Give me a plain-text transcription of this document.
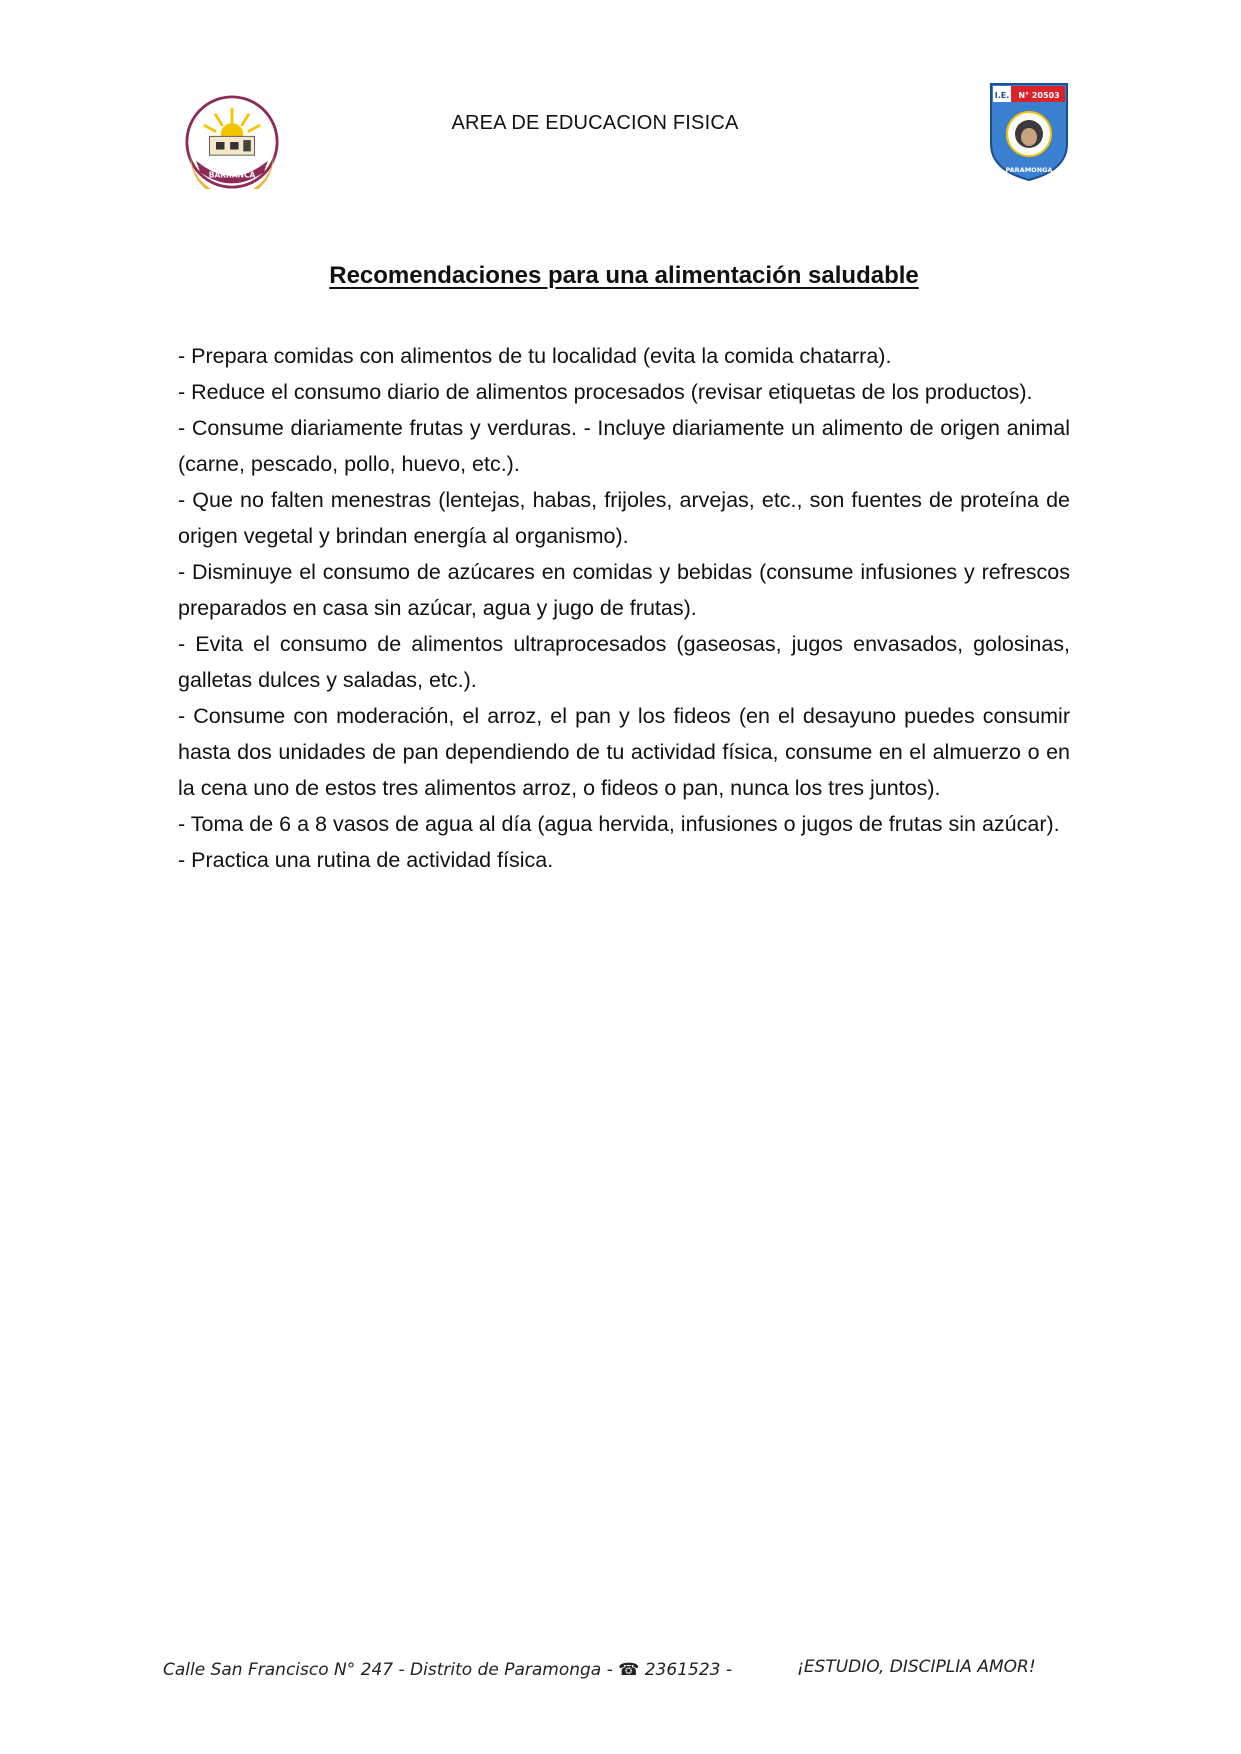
BARRANCA
AREA DE EDUCACION FISICA
I.E. N° 20503
PARAMONGA
Recomendaciones para una alimentación saludable

- Prepara comidas con alimentos de tu localidad (evita la comida chatarra).

- Reduce el consumo diario de alimentos procesados (revisar etiquetas de los productos).

- Consume diariamente frutas y verduras. - Incluye diariamente un alimento de origen animal (carne, pescado, pollo, huevo, etc.).

- Que no falten menestras (lentejas, habas, frijoles, arvejas, etc., son fuentes de proteína de origen vegetal y brindan energía al organismo).

- Disminuye el consumo de azúcares en comidas y bebidas (consume infusiones y refrescos preparados en casa sin azúcar, agua y jugo de frutas).

- Evita el consumo de alimentos ultraprocesados (gaseosas, jugos envasados, golosinas, galletas dulces y saladas, etc.).

- Consume con moderación, el arroz, el pan y los fideos (en el desayuno puedes consumir hasta dos unidades de pan dependiendo de tu actividad física, consume en el almuerzo o en la cena uno de estos tres alimentos arroz, o fideos o pan, nunca los tres juntos).

- Toma de 6 a 8 vasos de agua al día (agua hervida, infusiones o jugos de frutas sin azúcar).

- Practica una rutina de actividad física.

Calle San Francisco N° 247 - Distrito de Paramonga - ☎ 2361523 -	¡ESTUDIO, DISCIPLIA AMOR!
